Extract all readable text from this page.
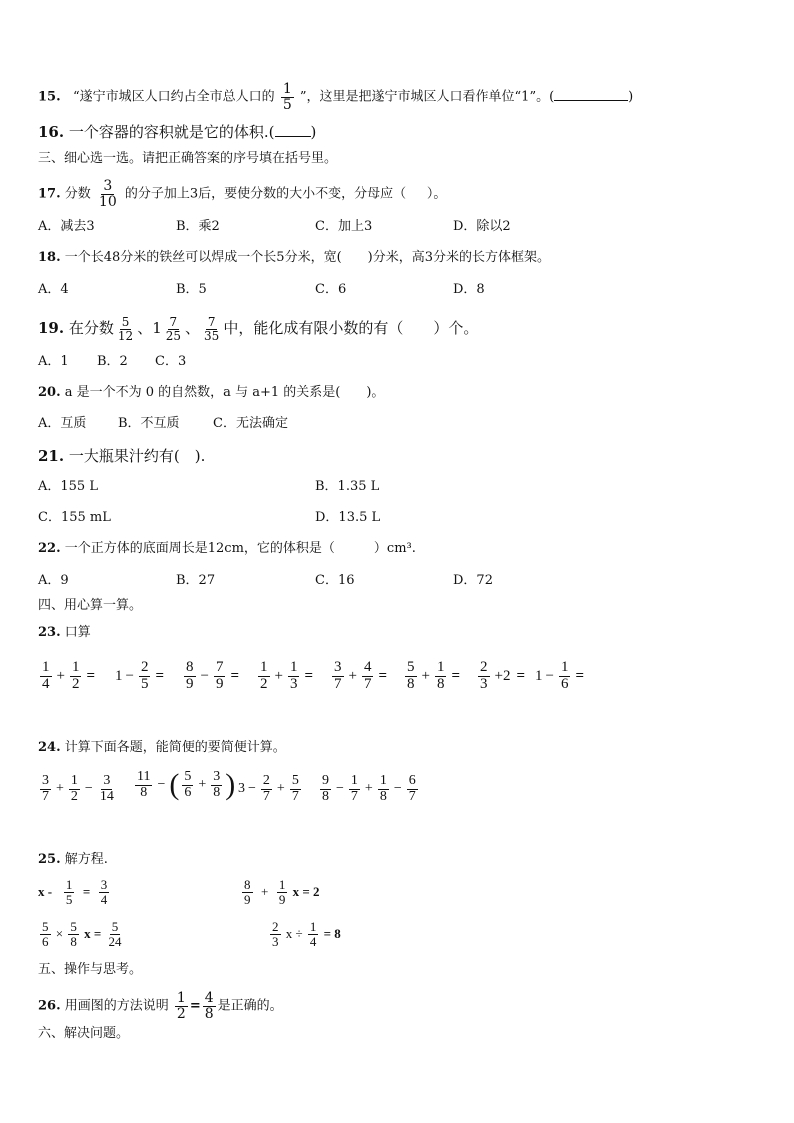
15. “遂宁市城区人口约占全市总人口的 $\frac{1}{5}$ ”，这里是把遂宁市城区人口看作单位“1”。(	)
16. 一个容器的容积就是它的体积.( )
三、细心选一选。请把正确答案的序号填在括号里。
17. 分数 $\frac{3}{10}$ 的分子加上3后，要使分数的大小不变，分母应（ ）。
A．减去3	B．乘2	C．加上3	D．除以2
18. 一个长48分米的铁丝可以焊成一个长5分米，宽(　　)分米，高3分米的长方体框架。
A．4	B．5	C．6	D．8
19. 在分数 $\frac{5}{12}$ 、$1 \frac{7}{25}$ 、 $\frac{7}{35}$ 中，能化成有限小数的有（　　）个。
A．1 B．2 C．3
20. a 是一个不为 0 的自然数，a 与 a+1 的关系是(　　)。
A．互质 B．不互质	C．无法确定
21. 一大瓶果汁约有(　).
A．155 L	B．1.35 L
C．155 mL	D．13.5 L
22. 一个正方体的底面周长是12cm，它的体积是（　　　）cm³.
A．9	B．27	C．16	D．72
四、用心算一算。
23. 口算
$\frac{1}{4} + \frac{1}{2} = 1 - \frac{2}{5} = \frac{8}{9} - \frac{7}{9} = \frac{1}{2} + \frac{1}{3} = \frac{3}{7} + \frac{4}{7} = \frac{5}{8} + \frac{1}{8} = \frac{2}{3} +2 = 1 - \frac{1}{6}$ =
24. 计算下面各题，能简便的要简便计算。
$\frac{3}{7} + \frac{1}{2} - \frac{3}{14} \frac{11}{8}$ − ( $\frac{5}{6} + \frac{3}{8}$ ) $3 - \frac{2}{7} + \frac{5}{7} \frac{9}{8} - \frac{1}{7} + \frac{1}{8} - \frac{6}{7}$
25. 解方程.
x -
$\frac{1}{5}$
=
$\frac{3}{4}$	$\frac{8}{9}$
+
$\frac{1}{9}$
x = 2
$\frac{5}{6}$
×
$\frac{5}{8}$
x =
$\frac{5}{24}$	$\frac{2}{3}$
x ÷
$\frac{1}{4}$
= 8
五、操作与思考。
26. 用画图的方法说明 $\frac{1}{2} = \frac{4}{8}$ 是正确的。
六、解决问题。
